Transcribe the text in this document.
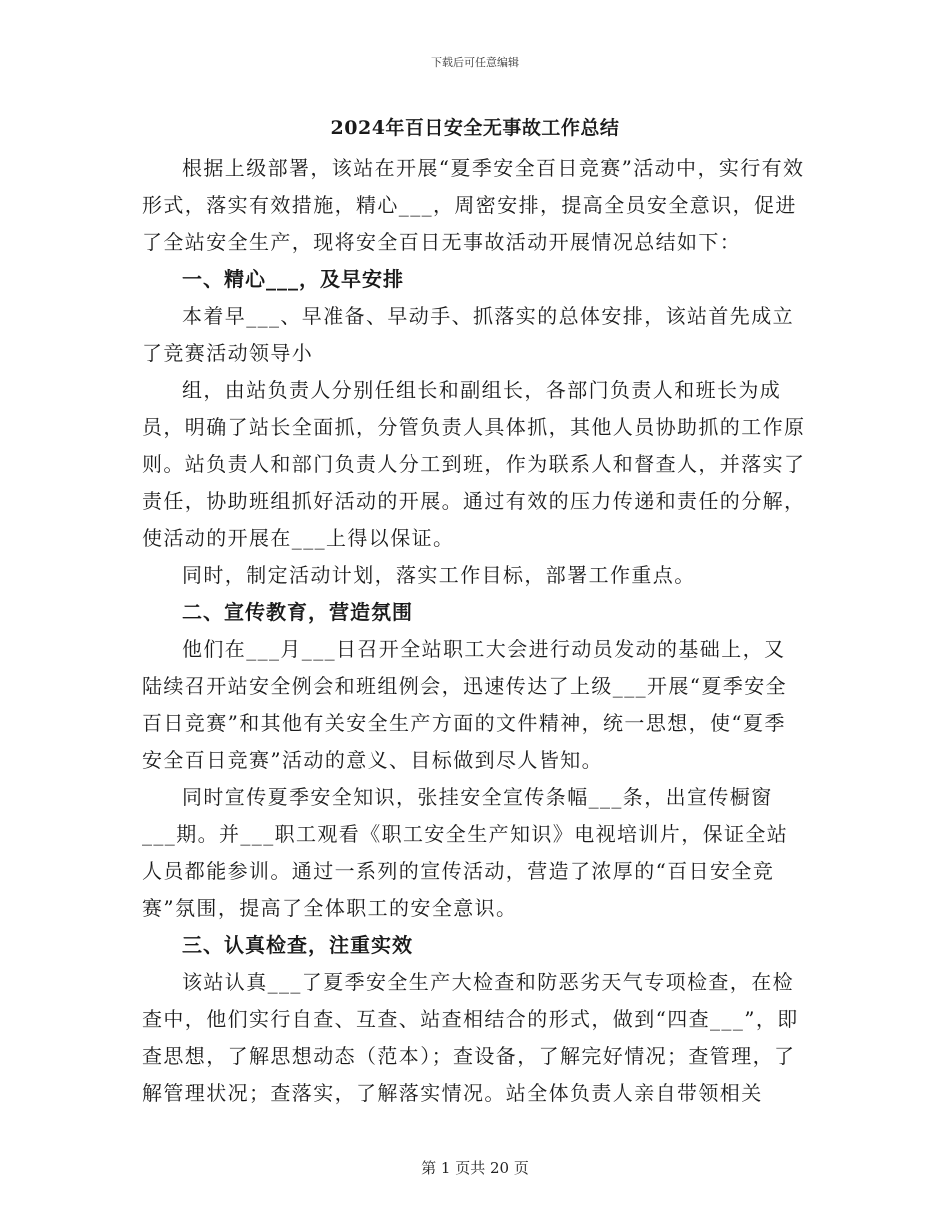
下载后可任意编辑
2024年百日安全无事故工作总结

根据上级部署，该站在开展“夏季安全百日竞赛”活动中，实行有效形式，落实有效措施，精心___，周密安排，提高全员安全意识，促进了全站安全生产，现将安全百日无事故活动开展情况总结如下：

一、精心___，及早安排

本着早___、早准备、早动手、抓落实的总体安排，该站首先成立了竞赛活动领导小

组，由站负责人分别任组长和副组长，各部门负责人和班长为成员，明确了站长全面抓，分管负责人具体抓，其他人员协助抓的工作原则。站负责人和部门负责人分工到班，作为联系人和督查人，并落实了责任，协助班组抓好活动的开展。通过有效的压力传递和责任的分解，使活动的开展在___上得以保证。

同时，制定活动计划，落实工作目标，部署工作重点。

二、宣传教育，营造氛围

他们在___月___日召开全站职工大会进行动员发动的基础上，又陆续召开站安全例会和班组例会，迅速传达了上级___开展“夏季安全百日竞赛”和其他有关安全生产方面的文件精神，统一思想，使“夏季安全百日竞赛”活动的意义、目标做到尽人皆知。

同时宣传夏季安全知识，张挂安全宣传条幅___条，出宣传橱窗___期。并___职工观看《职工安全生产知识》电视培训片，保证全站人员都能参训。通过一系列的宣传活动，营造了浓厚的“百日安全竞赛”氛围，提高了全体职工的安全意识。

三、认真检查，注重实效

该站认真___了夏季安全生产大检查和防恶劣天气专项检查，在检查中，他们实行自查、互查、站查相结合的形式，做到“四查___”，即查思想，了解思想动态（范本）；查设备，了解完好情况；查管理，了解管理状况；查落实，了解落实情况。站全体负责人亲自带领相关

第 1 页共 20 页
